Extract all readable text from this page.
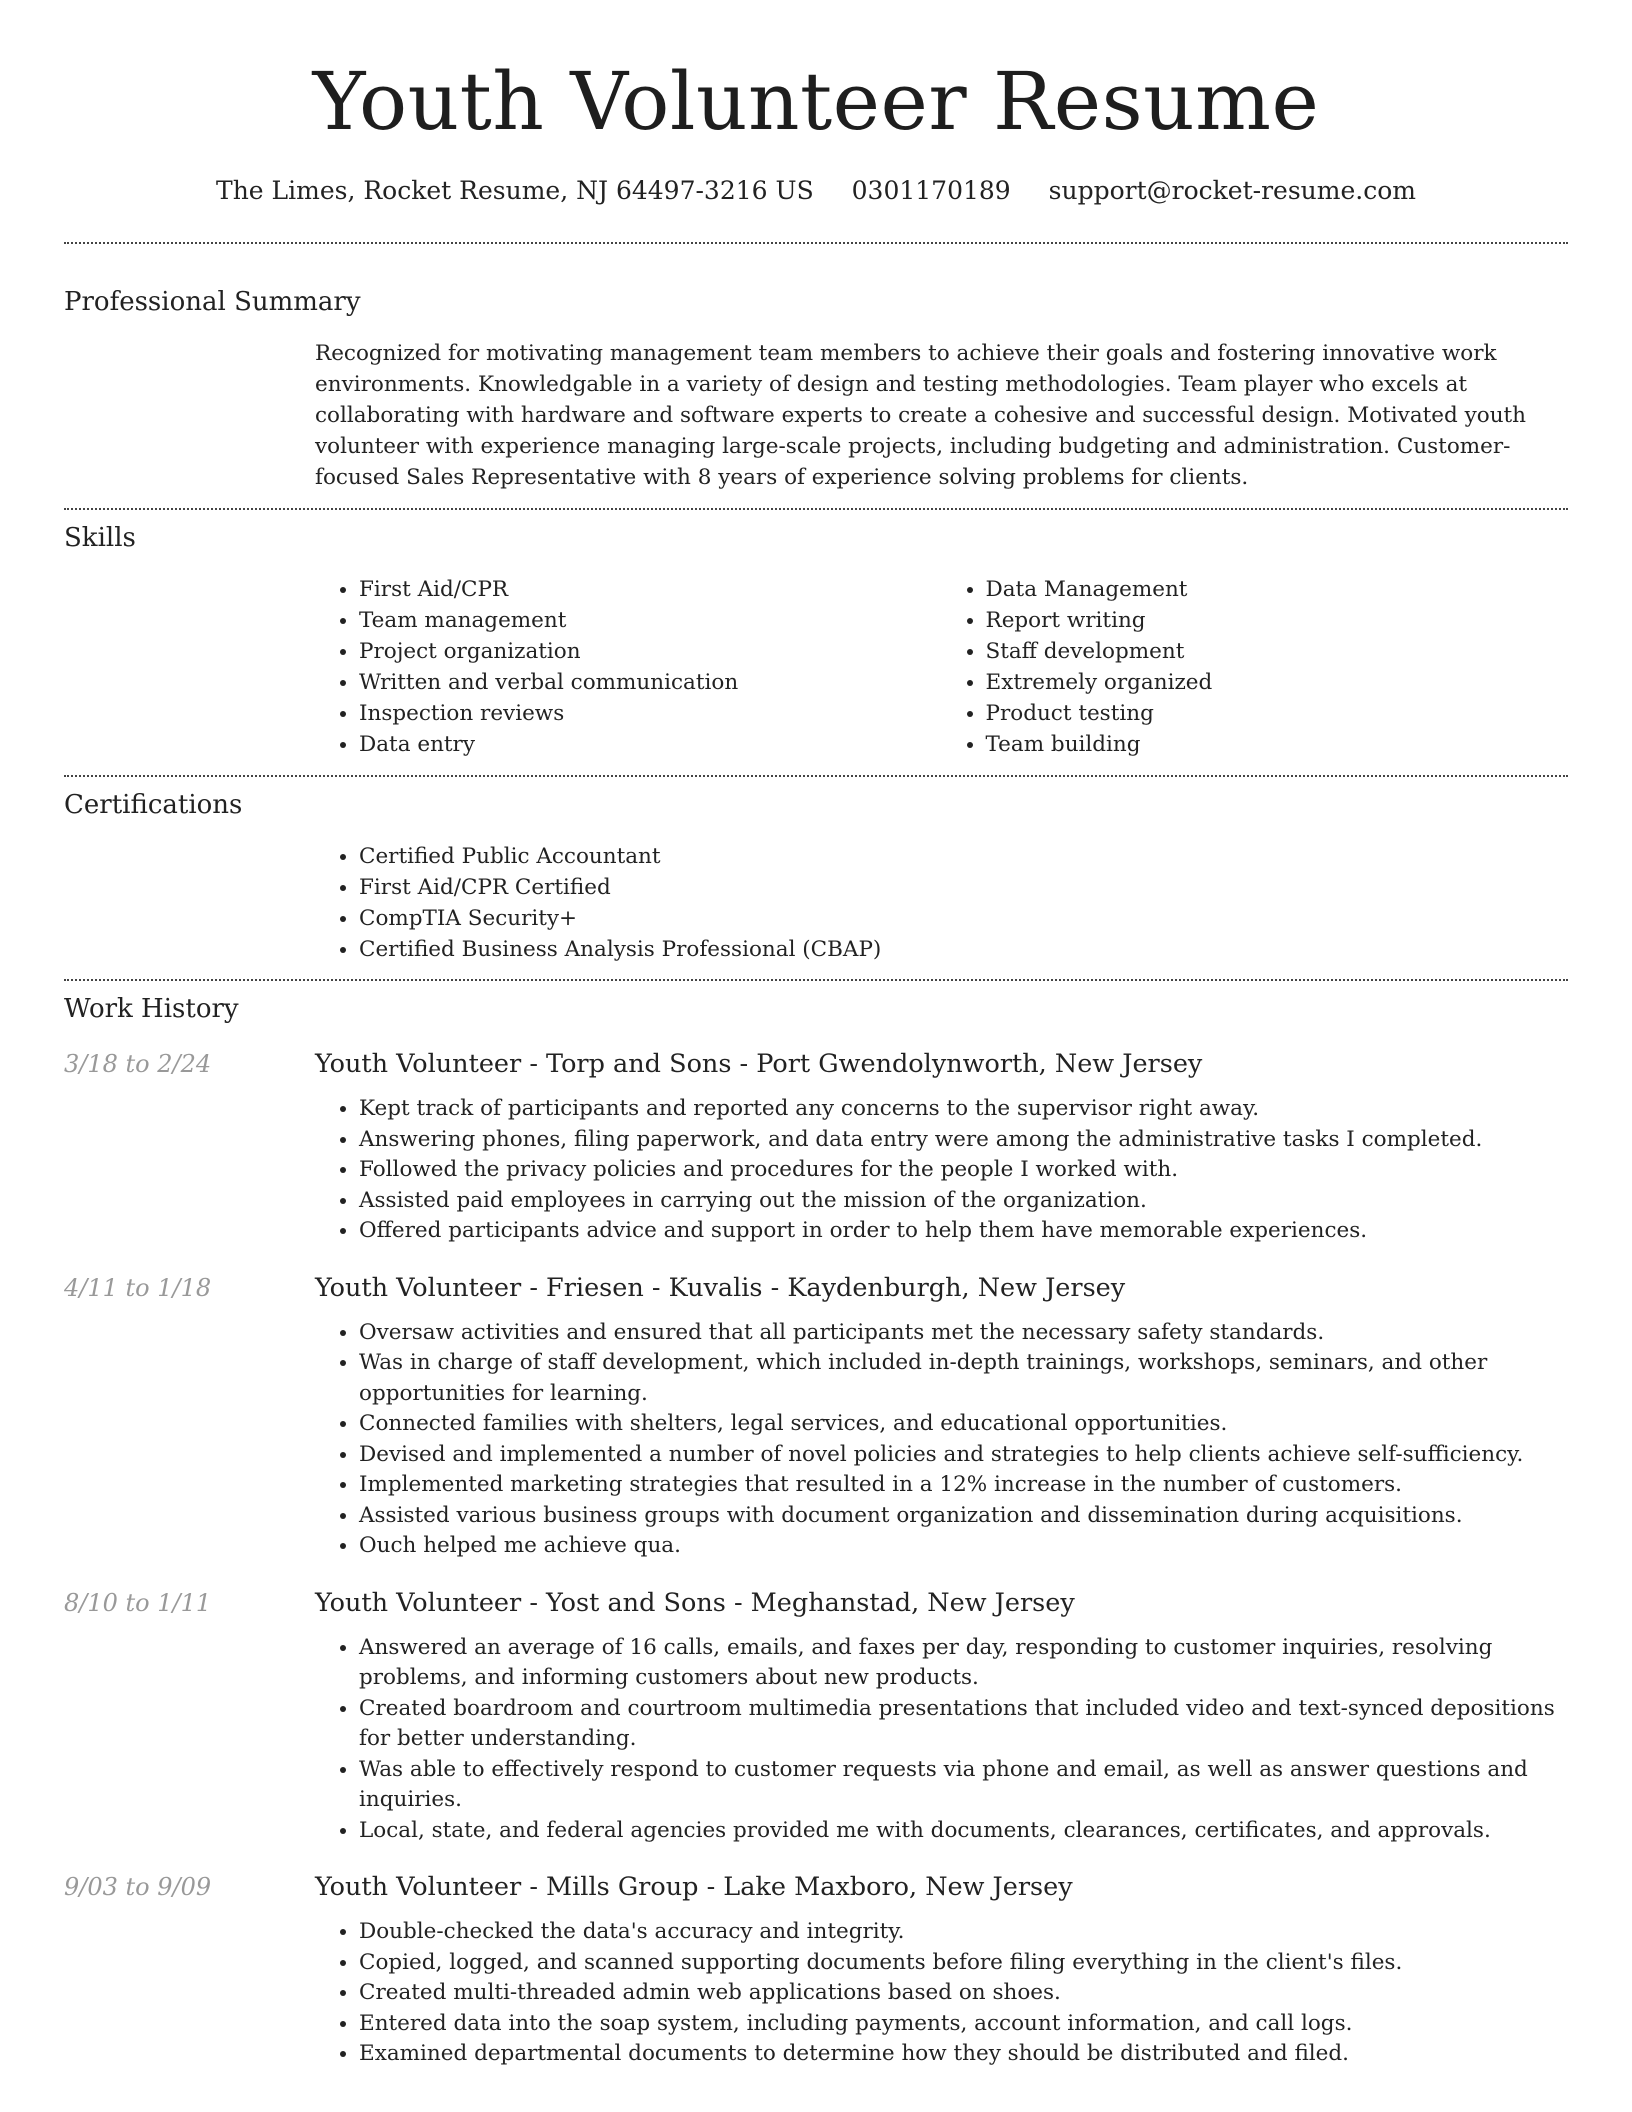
Youth Volunteer Resume
The Limes, Rocket Resume, NJ 64497-3216 US 0301170189 support@rocket-resume.com
Professional Summary
Recognized for motivating management team members to achieve their goals and fostering innovative work environments. Knowledgable in a variety of design and testing methodologies. Team player who excels at collaborating with hardware and software experts to create a cohesive and successful design. Motivated youth volunteer with experience managing large-scale projects, including budgeting and administration. Customer-focused Sales Representative with 8 years of experience solving problems for clients.
Skills
• First Aid/CPR
• Team management
• Project organization
• Written and verbal communication
• Inspection reviews
• Data entry
• Data Management
• Report writing
• Staff development
• Extremely organized
• Product testing
• Team building
Certifications
• Certified Public Accountant
• First Aid/CPR Certified
• CompTIA Security+
• Certified Business Analysis Professional (CBAP)
Work History
3/18 to 2/24	Youth Volunteer - Torp and Sons - Port Gwendolynworth, New Jersey
• Kept track of participants and reported any concerns to the supervisor right away.
• Answering phones, filing paperwork, and data entry were among the administrative tasks I completed.
• Followed the privacy policies and procedures for the people I worked with.
• Assisted paid employees in carrying out the mission of the organization.
• Offered participants advice and support in order to help them have memorable experiences.
4/11 to 1/18	Youth Volunteer - Friesen - Kuvalis - Kaydenburgh, New Jersey
• Oversaw activities and ensured that all participants met the necessary safety standards.
• Was in charge of staff development, which included in-depth trainings, workshops, seminars, and other opportunities for learning.
• Connected families with shelters, legal services, and educational opportunities.
• Devised and implemented a number of novel policies and strategies to help clients achieve self-sufficiency.
• Implemented marketing strategies that resulted in a 12% increase in the number of customers.
• Assisted various business groups with document organization and dissemination during acquisitions.
• Ouch helped me achieve qua.
8/10 to 1/11	Youth Volunteer - Yost and Sons - Meghanstad, New Jersey
• Answered an average of 16 calls, emails, and faxes per day, responding to customer inquiries, resolving problems, and informing customers about new products.
• Created boardroom and courtroom multimedia presentations that included video and text-synced depositions for better understanding.
• Was able to effectively respond to customer requests via phone and email, as well as answer questions and inquiries.
• Local, state, and federal agencies provided me with documents, clearances, certificates, and approvals.
9/03 to 9/09	Youth Volunteer - Mills Group - Lake Maxboro, New Jersey
• Double-checked the data's accuracy and integrity.
• Copied, logged, and scanned supporting documents before filing everything in the client's files.
• Created multi-threaded admin web applications based on shoes.
• Entered data into the soap system, including payments, account information, and call logs.
• Examined departmental documents to determine how they should be distributed and filed.
